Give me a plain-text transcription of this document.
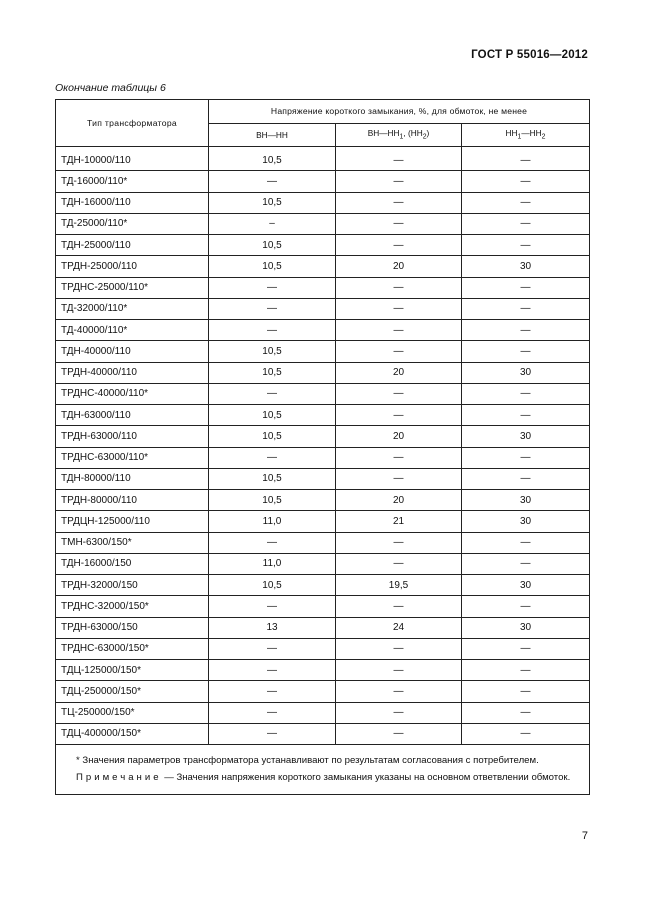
ГОСТ Р 55016—2012
Окончание таблицы 6
Тип трансформатора	Напряжение короткого замыкания, %, для обмоток, не менее		
	ВН—НН	$ВН—НН_1$, $(НН_2)$	$НН_1—НН_2$
ТДН-10000/110	10,5	—	—
ТД-16000/110*	—	—	—
ТДН-16000/110	10,5	—	—
ТД-25000/110*	–	—	—
ТДН-25000/110	10,5	—	—
ТРДН-25000/110	10,5	20	30
ТРДНС-25000/110*	—	—	—
ТД-32000/110*	—	—	—
ТД-40000/110*	—	—	—
ТДН-40000/110	10,5	—	—
ТРДН-40000/110	10,5	20	30
ТРДНС-40000/110*	—	—	—
ТДН-63000/110	10,5	—	—
ТРДН-63000/110	10,5	20	30
ТРДНС-63000/110*	—	—	—
ТДН-80000/110	10,5	—	—
ТРДН-80000/110	10,5	20	30
ТРДЦН-125000/110	11,0	21	30
ТМН-6300/150*	—	—	—
ТДН-16000/150	11,0	—	—
ТРДН-32000/150	10,5	19,5	30
ТРДНС-32000/150*	—	—	—
ТРДН-63000/150	13	24	30
ТРДНС-63000/150*	—	—	—
ТДЦ-125000/150*	—	—	—
ТДЦ-250000/150*	—	—	—
ТЦ-250000/150*	—	—	—
ТДЦ-400000/150*	—	—	—

* Значения параметров трансформатора устанавливают по результатам согласования с потребителем.
Примечание — Значения напряжения короткого замыкания указаны на основном ответвлении обмоток.			
7
